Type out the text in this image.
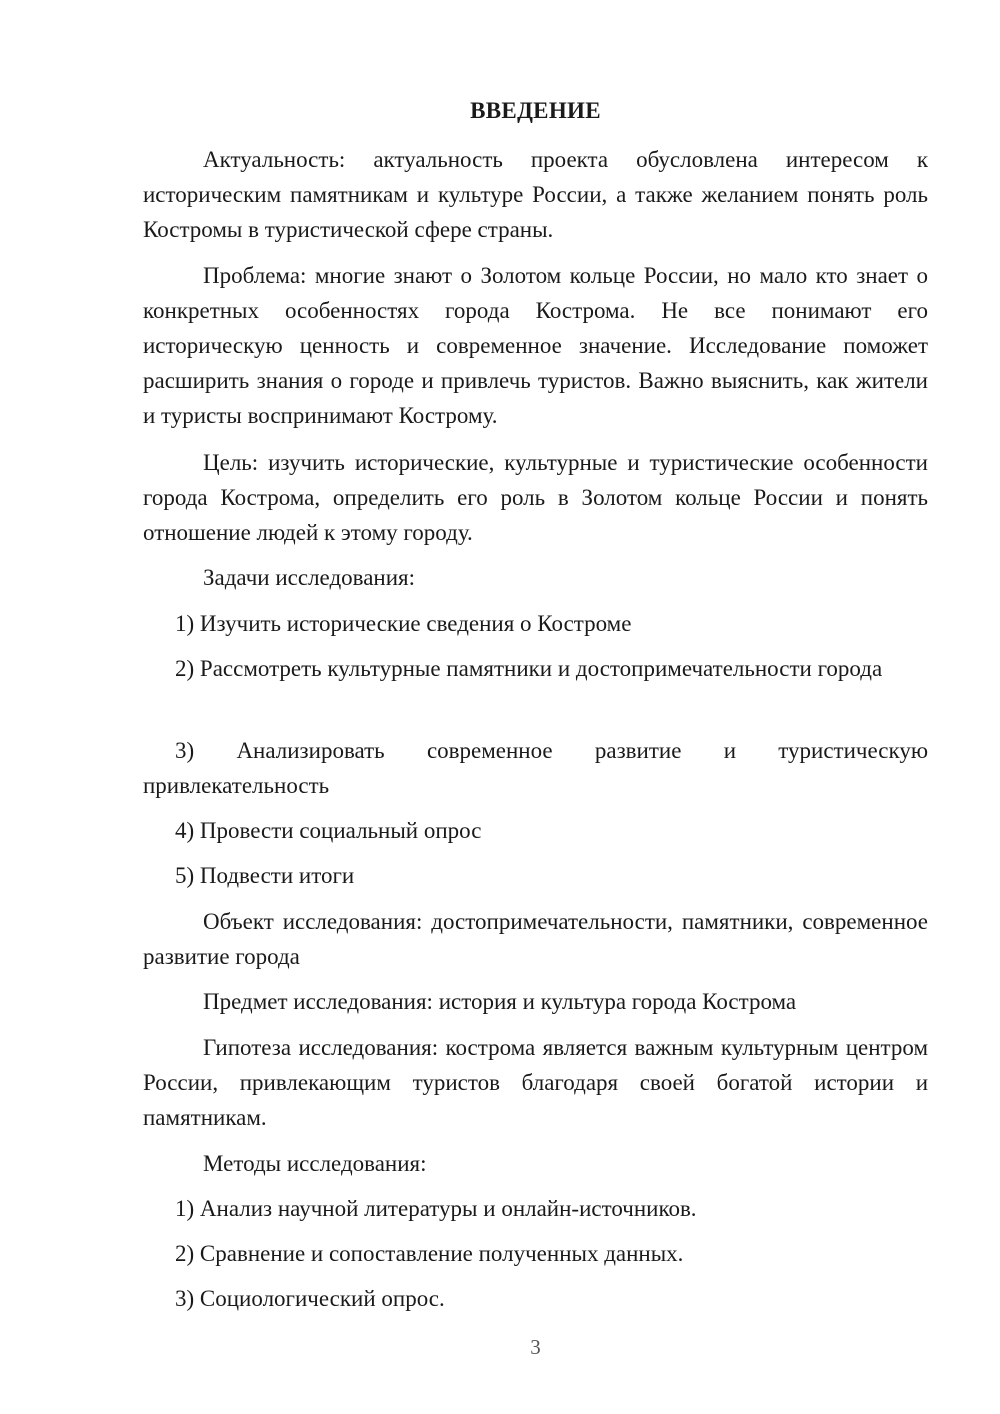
ВВЕДЕНИЕ

Актуальность: актуальность проекта обусловлена интересом к историческим памятникам и культуре России, а также желанием понять роль Костромы в туристической сфере страны.

Проблема: многие знают о Золотом кольце России, но мало кто знает о конкретных особенностях города Кострома. Не все понимают его историческую ценность и современное значение. Исследование поможет расширить знания о городе и привлечь туристов. Важно выяснить, как жители и туристы воспринимают Кострому.

Цель: изучить исторические, культурные и туристические особенности города Кострома, определить его роль в Золотом кольце России и понять отношение людей к этому городу.

Задачи исследования:

1) Изучить исторические сведения о Костроме

2) Рассмотреть культурные памятники и достопримечательности города

3) Анализировать современное развитие и туристическую привлекательность

4) Провести социальный опрос

5) Подвести итоги

Объект исследования: достопримечательности, памятники, современное развитие города

Предмет исследования: история и культура города Кострома

Гипотеза исследования: кострома является важным культурным центром России, привлекающим туристов благодаря своей богатой истории и памятникам.

Методы исследования:

1) Анализ научной литературы и онлайн-источников.

2) Сравнение и сопоставление полученных данных.

3) Социологический опрос.

3
